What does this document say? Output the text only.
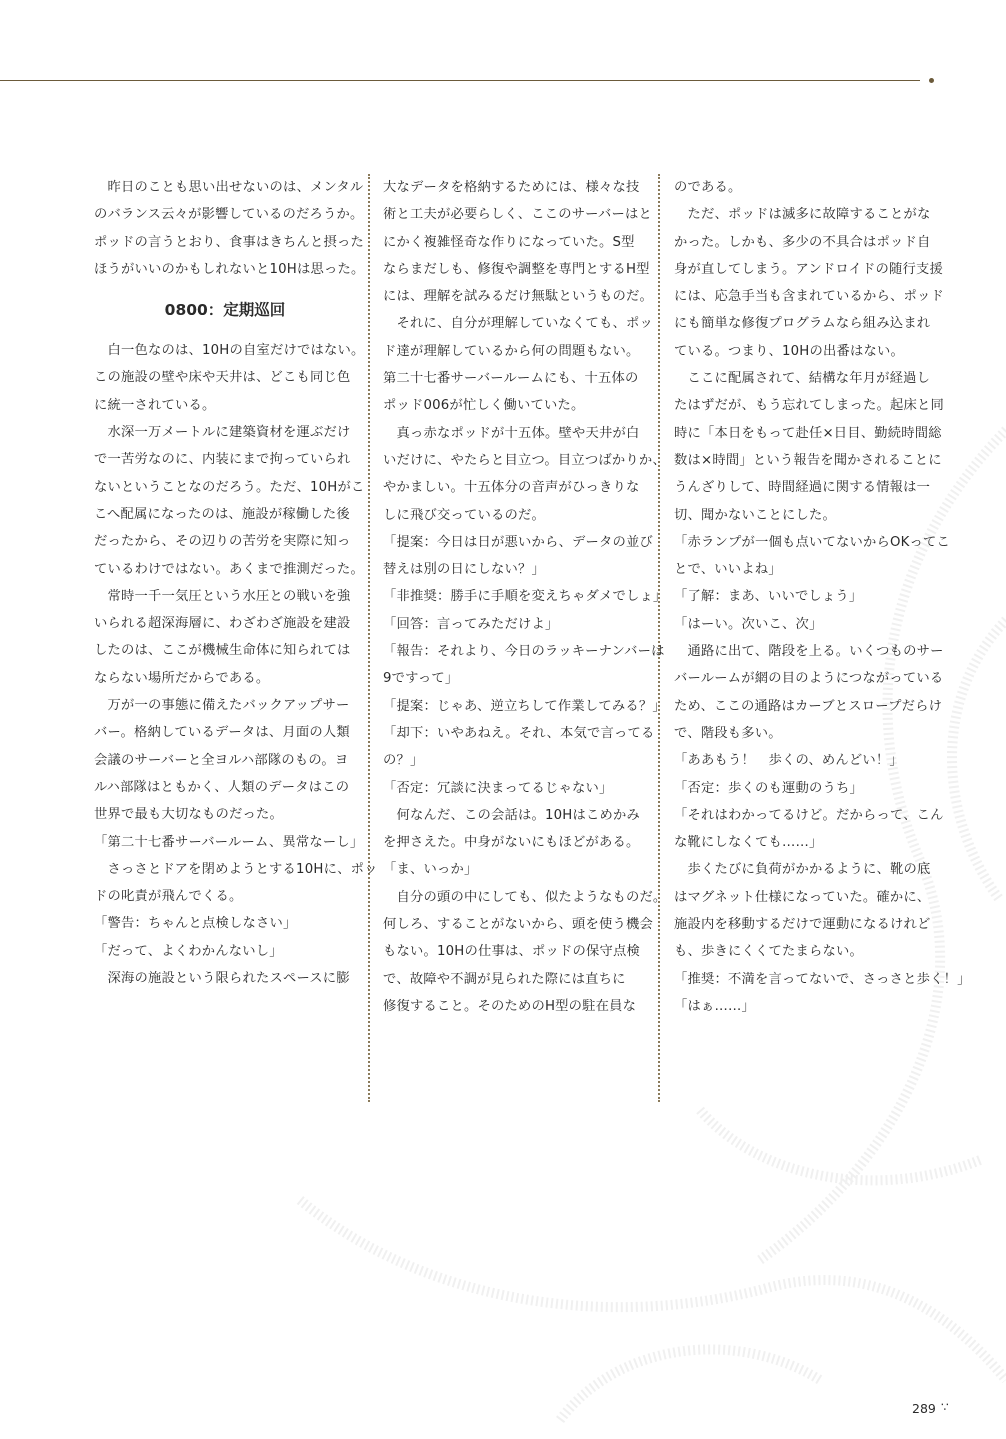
　昨日のことも思い出せないのは、メンタル
のバランス云々が影響しているのだろうか。
ポッドの言うとおり、食事はきちんと摂った
ほうがいいのかもしれないと10Hは思った。
0800：定期巡回
　白一色なのは、10Hの自室だけではない。
この施設の壁や床や天井は、どこも同じ色
に統一されている。
　水深一万メートルに建築資材を運ぶだけ
で一苦労なのに、内装にまで拘っていられ
ないということなのだろう。ただ、10Hがこ
こへ配属になったのは、施設が稼働した後
だったから、その辺りの苦労を実際に知っ
ているわけではない。あくまで推測だった。
　常時一千一気圧という水圧との戦いを強
いられる超深海層に、わざわざ施設を建設
したのは、ここが機械生命体に知られては
ならない場所だからである。
　万が一の事態に備えたバックアップサー
バー。格納しているデータは、月面の人類
会議のサーバーと全ヨルハ部隊のもの。ヨ
ルハ部隊はともかく、人類のデータはこの
世界で最も大切なものだった。
「第二十七番サーバールーム、異常なーし」
　さっさとドアを閉めようとする10Hに、ポッ
ドの叱責が飛んでくる。
「警告：ちゃんと点検しなさい」
「だって、よくわかんないし」
　深海の施設という限られたスペースに膨
大なデータを格納するためには、様々な技
術と工夫が必要らしく、ここのサーバーはと
にかく複雑怪奇な作りになっていた。S型
ならまだしも、修復や調整を専門とするH型
には、理解を試みるだけ無駄というものだ。
　それに、自分が理解していなくても、ポッ
ド達が理解しているから何の問題もない。
第二十七番サーバールームにも、十五体の
ポッド006が忙しく働いていた。
　真っ赤なポッドが十五体。壁や天井が白
いだけに、やたらと目立つ。目立つばかりか、
やかましい。十五体分の音声がひっきりな
しに飛び交っているのだ。
「提案：今日は日が悪いから、データの並び
替えは別の日にしない？」
「非推奨：勝手に手順を変えちゃダメでしょ」
「回答：言ってみただけよ」
「報告：それより、今日のラッキーナンバーは
9ですって」
「提案：じゃあ、逆立ちして作業してみる？」
「却下：いやあねえ。それ、本気で言ってる
の？」
「否定：冗談に決まってるじゃない」
　何なんだ、この会話は。10Hはこめかみ
を押さえた。中身がないにもほどがある。
「ま、いっか」
　自分の頭の中にしても、似たようなものだ。
何しろ、することがないから、頭を使う機会
もない。10Hの仕事は、ポッドの保守点検
で、故障や不調が見られた際には直ちに
修復すること。そのためのH型の駐在員な
のである。
　ただ、ポッドは滅多に故障することがな
かった。しかも、多少の不具合はポッド自
身が直してしまう。アンドロイドの随行支援
には、応急手当も含まれているから、ポッド
にも簡単な修復プログラムなら組み込まれ
ている。つまり、10Hの出番はない。
　ここに配属されて、結構な年月が経過し
たはずだが、もう忘れてしまった。起床と同
時に「本日をもって赴任×日目、勤続時間総
数は×時間」という報告を聞かされることに
うんざりして、時間経過に関する情報は一
切、聞かないことにした。
「赤ランプが一個も点いてないからOKってこ
とで、いいよね」
「了解：まあ、いいでしょう」
「はーい。次いこ、次」
　通路に出て、階段を上る。いくつものサー
バールームが網の目のようにつながっている
ため、ここの通路はカーブとスロープだらけ
で、階段も多い。
「ああもう！　歩くの、めんどい！」
「否定：歩くのも運動のうち」
「それはわかってるけど。だからって、こん
な靴にしなくても……」
　歩くたびに負荷がかかるように、靴の底
はマグネット仕様になっていた。確かに、
施設内を移動するだけで運動になるけれど
も、歩きにくくてたまらない。
「推奨：不満を言ってないで、さっさと歩く！」
「はぁ……」
289 ∵
